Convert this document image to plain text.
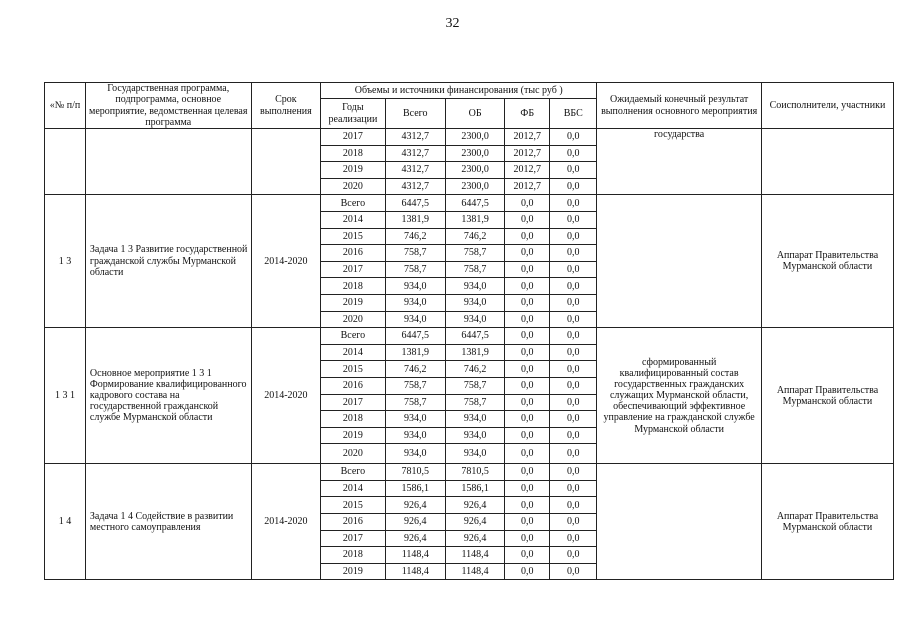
32
«№ п/п	Государственная программа, подпрограмма, основное мероприятие, ведомственная целевая программа	Срок выполнения	Объемы и источники финансирования (тыс руб )					Ожидаемый конечный результат выполнения основного мероприятия	Соисполнители, участники
			Годы реализации	Всего	ОБ	ФБ	ВБС		
			2017	4312,7	2300,0	2012,7	0,0	государства	
			2018	4312,7	2300,0	2012,7	0,0		
			2019	4312,7	2300,0	2012,7	0,0		
			2020	4312,7	2300,0	2012,7	0,0		
1 3	Задача 1 3 Развитие государственной гражданской службы Мурманской области	2014-2020	Всего	6447,5	6447,5	0,0	0,0		Аппарат Правительства Мурманской области
			2014	1381,9	1381,9	0,0	0,0		
			2015	746,2	746,2	0,0	0,0		
			2016	758,7	758,7	0,0	0,0		
			2017	758,7	758,7	0,0	0,0		
			2018	934,0	934,0	0,0	0,0		
			2019	934,0	934,0	0,0	0,0		
			2020	934,0	934,0	0,0	0,0		
1 3 1	Основное мероприятие 1 3 1 Формирование квалифицированного кадрового состава на государственной гражданской службе Мурманской области	2014-2020	Всего	6447,5	6447,5	0,0	0,0	сформированный квалифицированный состав государственных гражданских служащих Мурманской области, обеспечивающий эффективное управление на гражданской службе Мурманской области	Аппарат Правительства Мурманской области
			2014	1381,9	1381,9	0,0	0,0		
			2015	746,2	746,2	0,0	0,0		
			2016	758,7	758,7	0,0	0,0		
			2017	758,7	758,7	0,0	0,0		
			2018	934,0	934,0	0,0	0,0		
			2019	934,0	934,0	0,0	0,0		
			2020	934,0	934,0	0,0	0,0		
1 4	Задача 1 4 Содействие в развитии местного самоуправления	2014-2020	Всего	7810,5	7810,5	0,0	0,0		Аппарат Правительства Мурманской области
			2014	1586,1	1586,1	0,0	0,0		
			2015	926,4	926,4	0,0	0,0		
			2016	926,4	926,4	0,0	0,0		
			2017	926,4	926,4	0,0	0,0		
			2018	1148,4	1148,4	0,0	0,0		
			2019	1148,4	1148,4	0,0	0,0		
